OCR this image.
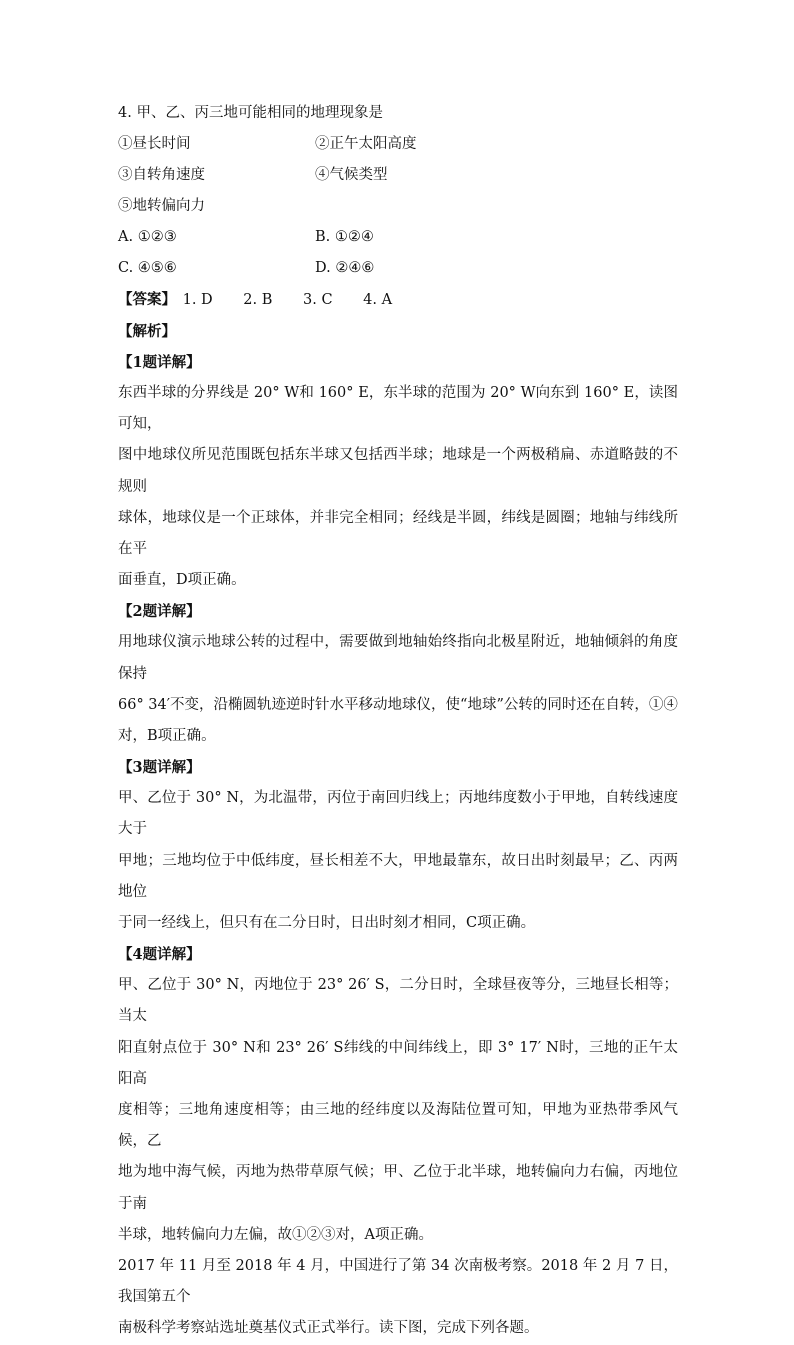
4. 甲、乙、丙三地可能相同的地理现象是
①昼长时间	②正午太阳高度
③自转角速度	④气候类型
⑤地转偏向力
A. ①②③	B. ①②④
C. ④⑤⑥	D. ②④⑥
【答案】 1. D 2. B 3. C 4. A
【解析】
【1题详解】
东西半球的分界线是 20° W和 160° E，东半球的范围为 20° W向东到 160° E，读图可知，
图中地球仪所见范围既包括东半球又包括西半球；地球是一个两极稍扁、赤道略鼓的不规则
球体，地球仪是一个正球体，并非完全相同；经线是半圆，纬线是圆圈；地轴与纬线所在平
面垂直，D项正确。
【2题详解】
用地球仪演示地球公转的过程中，需要做到地轴始终指向北极星附近，地轴倾斜的角度保持
66° 34′不变，沿椭圆轨迹逆时针水平移动地球仪，使“地球”公转的同时还在自转，①④
对，B项正确。
【3题详解】
甲、乙位于 30° N，为北温带，丙位于南回归线上；丙地纬度数小于甲地，自转线速度大于
甲地；三地均位于中低纬度，昼长相差不大，甲地最靠东，故日出时刻最早；乙、丙两地位
于同一经线上，但只有在二分日时，日出时刻才相同，C项正确。
【4题详解】
甲、乙位于 30° N，丙地位于 23° 26′ S，二分日时，全球昼夜等分，三地昼长相等；当太
阳直射点位于 30° N和 23° 26′ S纬线的中间纬线上，即 3° 17′ N时，三地的正午太阳高
度相等；三地角速度相等；由三地的经纬度以及海陆位置可知，甲地为亚热带季风气候，乙
地为地中海气候，丙地为热带草原气候；甲、乙位于北半球，地转偏向力右偏，丙地位于南
半球，地转偏向力左偏，故①②③对，A项正确。
2017 年 11 月至 2018 年 4 月，中国进行了第 34 次南极考察。2018 年 2 月 7 日，我国第五个
南极科学考察站选址奠基仪式正式举行。读下图，完成下列各题。
